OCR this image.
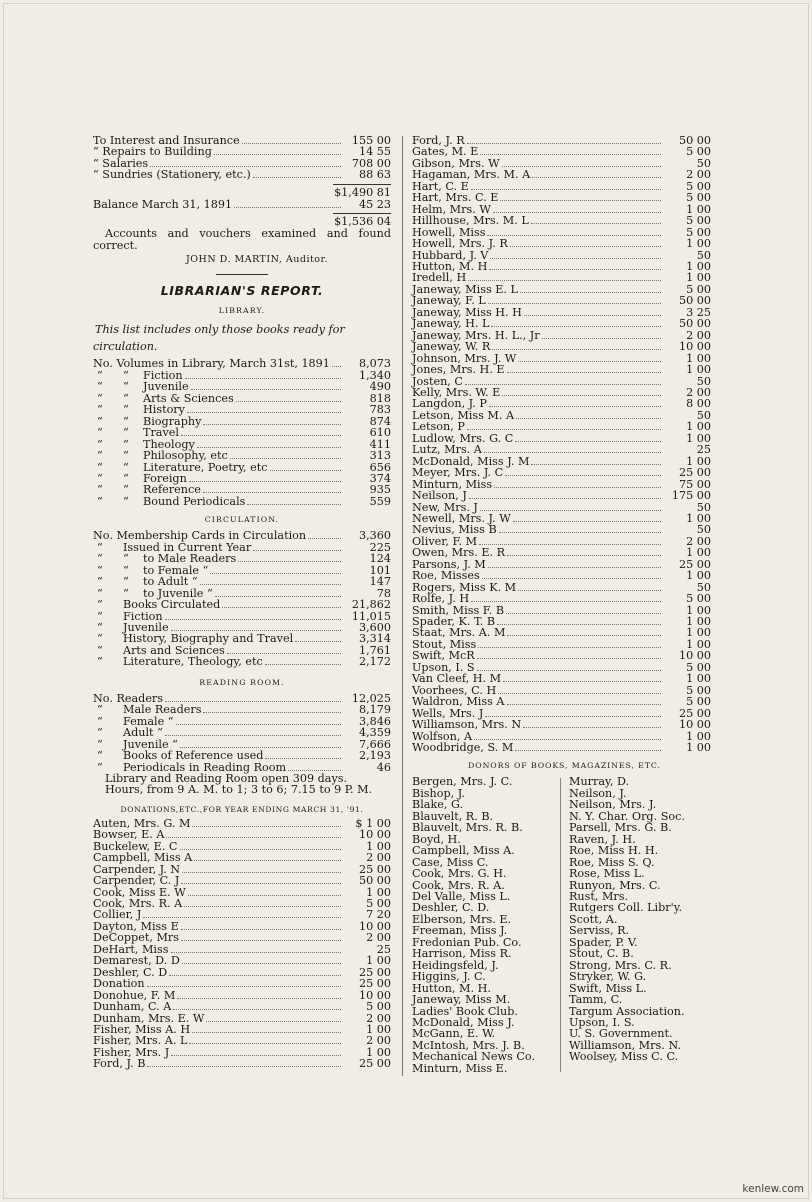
To Interest and Insurance	155 00
“ Repairs to Building	14 55
“ Salaries	708 00
“ Sundries (Stationery, etc.)	88 63
$1,490 81
Balance March 31, 1891	45 23
$1,536 04
Accounts and vouchers examined and found correct.
JOHN D. MARTIN, Auditor.
LIBRARIAN'S REPORT.
LIBRARY.
This list includes only those books ready for circulation.
No. Volumes in Library, March 31st, 1891	8,073
“ “ Fiction	1,340
“ “ Juvenile	490
“ “ Arts & Sciences	818
“ “ History	783
“ “ Biography	874
“ “ Travel	610
“ “ Theology	411
“ “ Philosophy, etc	313
“ “ Literature, Poetry, etc	656
“ “ Foreign	374
“ “ Reference	935
“ “ Bound Periodicals	559
CIRCULATION.
No. Membership Cards in Circulation	3,360
“ Issued in Current Year	225
“ “ to Male Readers	124
“ “ to Female “	101
“ “ to Adult “	147
“ “ to Juvenile “	78
“ Books Circulated	21,862
“ Fiction	11,015
“ Juvenile	3,600
“ History, Biography and Travel	3,314
“ Arts and Sciences	1,761
“ Literature, Theology, etc	2,172
READING ROOM.
No. Readers	12,025
“ Male Readers	8,179
“ Female “	3,846
“ Adult “	4,359
“ Juvenile “	7,666
“ Books of Reference used	2,193
“ Periodicals in Reading Room	46
Library and Reading Room open 309 days.
Hours, from 9 A. M. to 1; 3 to 6; 7.15 to 9 P. M.
DONATIONS,ETC.,FOR YEAR ENDING MARCH 31, '91.
Auten, Mrs. G. M	$ 1 00
Bowser, E. A	10 00
Buckelew, E. C	1 00
Campbell, Miss A	2 00
Carpender, J. N	25 00
Carpender, C. J	50 00
Cook, Miss E. W	1 00
Cook, Mrs. R. A	5 00
Collier, J	7 20
Dayton, Miss E	10 00
DeCoppet, Mrs	2 00
DeHart, Miss	25
Demarest, D. D	1 00
Deshler, C. D	25 00
Donation	25 00
Donohue, F. M	10 00
Dunham, C. A	5 00
Dunham, Mrs. E. W	2 00
Fisher, Miss A. H	1 00
Fisher, Mrs. A. L	2 00
Fisher, Mrs. J	1 00
Ford, J. B	25 00
Ford, J. R	50 00
Gates, M. E	5 00
Gibson, Mrs. W	50
Hagaman, Mrs. M. A	2 00
Hart, C. E	5 00
Hart, Mrs. C. E	5 00
Helm, Mrs. W	1 00
Hillhouse, Mrs. M. L	5 00
Howell, Miss	5 00
Howell, Mrs. J. R	1 00
Hubbard, J. V	50
Hutton, M. H	1 00
Iredell, H	1 00
Janeway, Miss E. L	5 00
Janeway, F. L	50 00
Janeway, Miss H. H	3 25
Janeway, H. L	50 00
Janeway, Mrs. H. L., Jr	2 00
Janeway, W. R	10 00
Johnson, Mrs. J. W	1 00
Jones, Mrs. H. E	1 00
Josten, C	50
Kelly, Mrs. W. E	2 00
Langdon, J. P	8 00
Letson, Miss M. A	50
Letson, P	1 00
Ludlow, Mrs. G. C	1 00
Lutz, Mrs. A	25
McDonald, Miss J. M	1 00
Meyer, Mrs. J. C	25 00
Minturn, Miss	75 00
Neilson, J	175 00
New, Mrs. J	50
Newell, Mrs. J. W	1 00
Nevius, Miss B	50
Oliver, F. M	2 00
Owen, Mrs. E. R	1 00
Parsons, J. M	25 00
Roe, Misses	1 00
Rogers, Miss K. M	50
Rolfe, J. H	5 00
Smith, Miss F. B	1 00
Spader, K. T. B	1 00
Staat, Mrs. A. M	1 00
Stout, Miss	1 00
Swift, McR	10 00
Upson, I. S	5 00
Van Cleef, H. M	1 00
Voorhees, C. H	5 00
Waldron, Miss A	5 00
Wells, Mrs. J	25 00
Williamson, Mrs. N	10 00
Wolfson, A	1 00
Woodbridge, S. M	1 00
DONORS OF BOOKS, MAGAZINES, ETC.
Bergen, Mrs. J. C.
Bishop, J.
Blake, G.
Blauvelt, R. B.
Blauvelt, Mrs. R. B.
Boyd, H.
Campbell, Miss A.
Case, Miss C.
Cook, Mrs. G. H.
Cook, Mrs. R. A.
Del Valle, Miss L.
Deshler, C. D.
Elberson, Mrs. E.
Freeman, Miss J.
Fredonian Pub. Co.
Harrison, Miss R.
Heidingsfeld, J.
Higgins, J. C.
Hutton, M. H.
Janeway, Miss M.
Ladies' Book Club.
McDonald, Miss J.
McGann, E. W.
McIntosh, Mrs. J. B.
Mechanical News Co.
Minturn, Miss E.
Murray, D.
Neilson, J.
Neilson, Mrs. J.
N. Y. Char. Org. Soc.
Parsell, Mrs. G. B.
Raven, J. H.
Roe, Miss H. H.
Roe, Miss S. Q.
Rose, Miss L.
Runyon, Mrs. C.
Rust, Mrs.
Rutgers Coll. Libr'y.
Scott, A.
Serviss, R.
Spader, P. V.
Stout, C. B.
Strong, Mrs. C. R.
Stryker, W. G.
Swift, Miss L.
Tamm, C.
Targum Association.
Upson, I. S.
U. S. Government.
Williamson, Mrs. N.
Woolsey, Miss C. C.
kenlew.com
